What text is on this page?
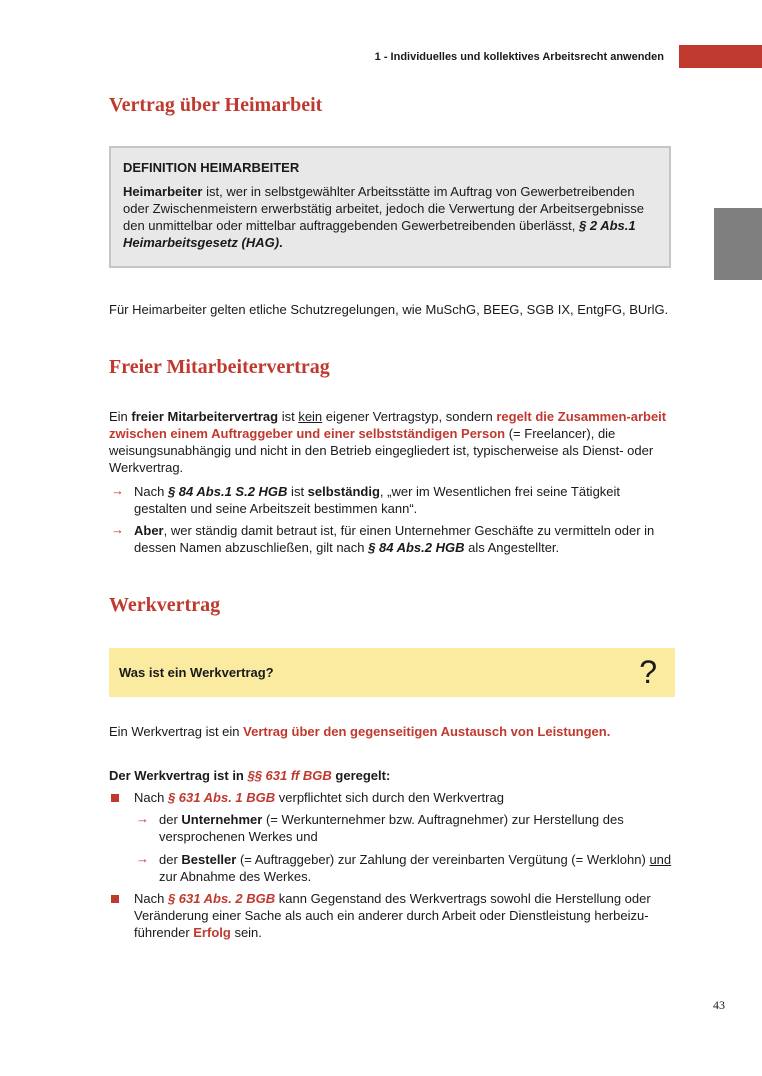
1 - Individuelles und kollektives Arbeitsrecht anwenden
Vertrag über Heimarbeit

DEFINITION HEIMARBEITER

Heimarbeiter ist, wer in selbstgewählter Arbeitsstätte im Auftrag von Gewerbetreibenden oder Zwischenmeistern erwerbstätig arbeitet, jedoch die Verwertung der Arbeitsergebnisse den unmittelbar oder mittelbar auftraggebenden Gewerbetreibenden überlässt, § 2 Abs.1 Heimarbeitsgesetz (HAG).

Für Heimarbeiter gelten etliche Schutzregelungen, wie MuSchG, BEEG, SGB IX, EntgFG, BUrlG.

Freier Mitarbeitervertrag

Ein freier Mitarbeitervertrag ist kein eigener Vertragstyp, sondern regelt die Zusammen-arbeit zwischen einem Auftraggeber und einer selbstständigen Person (= Freelancer), die weisungsunabhängig und nicht in den Betrieb eingegliedert ist, typischerweise als Dienst- oder Werkvertrag.

→ Nach § 84 Abs.1 S.2 HGB ist selbständig, „wer im Wesentlichen frei seine Tätigkeit gestalten und seine Arbeitszeit bestimmen kann“.
→ Aber, wer ständig damit betraut ist, für einen Unternehmer Geschäfte zu vermitteln oder in dessen Namen abzuschließen, gilt nach § 84 Abs.2 HGB als Angestellter.
Werkvertrag
Was ist ein Werkvertrag?	?

Ein Werkvertrag ist ein Vertrag über den gegenseitigen Austausch von Leistungen.

Der Werkvertrag ist in §§ 631 ff BGB geregelt:

Nach § 631 Abs. 1 BGB verpflichtet sich durch den Werkvertrag
→ der Unternehmer (= Werkunternehmer bzw. Auftragnehmer) zur Herstellung des versprochenen Werkes und
→ der Besteller (= Auftraggeber) zur Zahlung der vereinbarten Vergütung (= Werklohn) und zur Abnahme des Werkes.
Nach § 631 Abs. 2 BGB kann Gegenstand des Werkvertrags sowohl die Herstellung oder Veränderung einer Sache als auch ein anderer durch Arbeit oder Dienstleistung herbeizu-führender Erfolg sein.
43
